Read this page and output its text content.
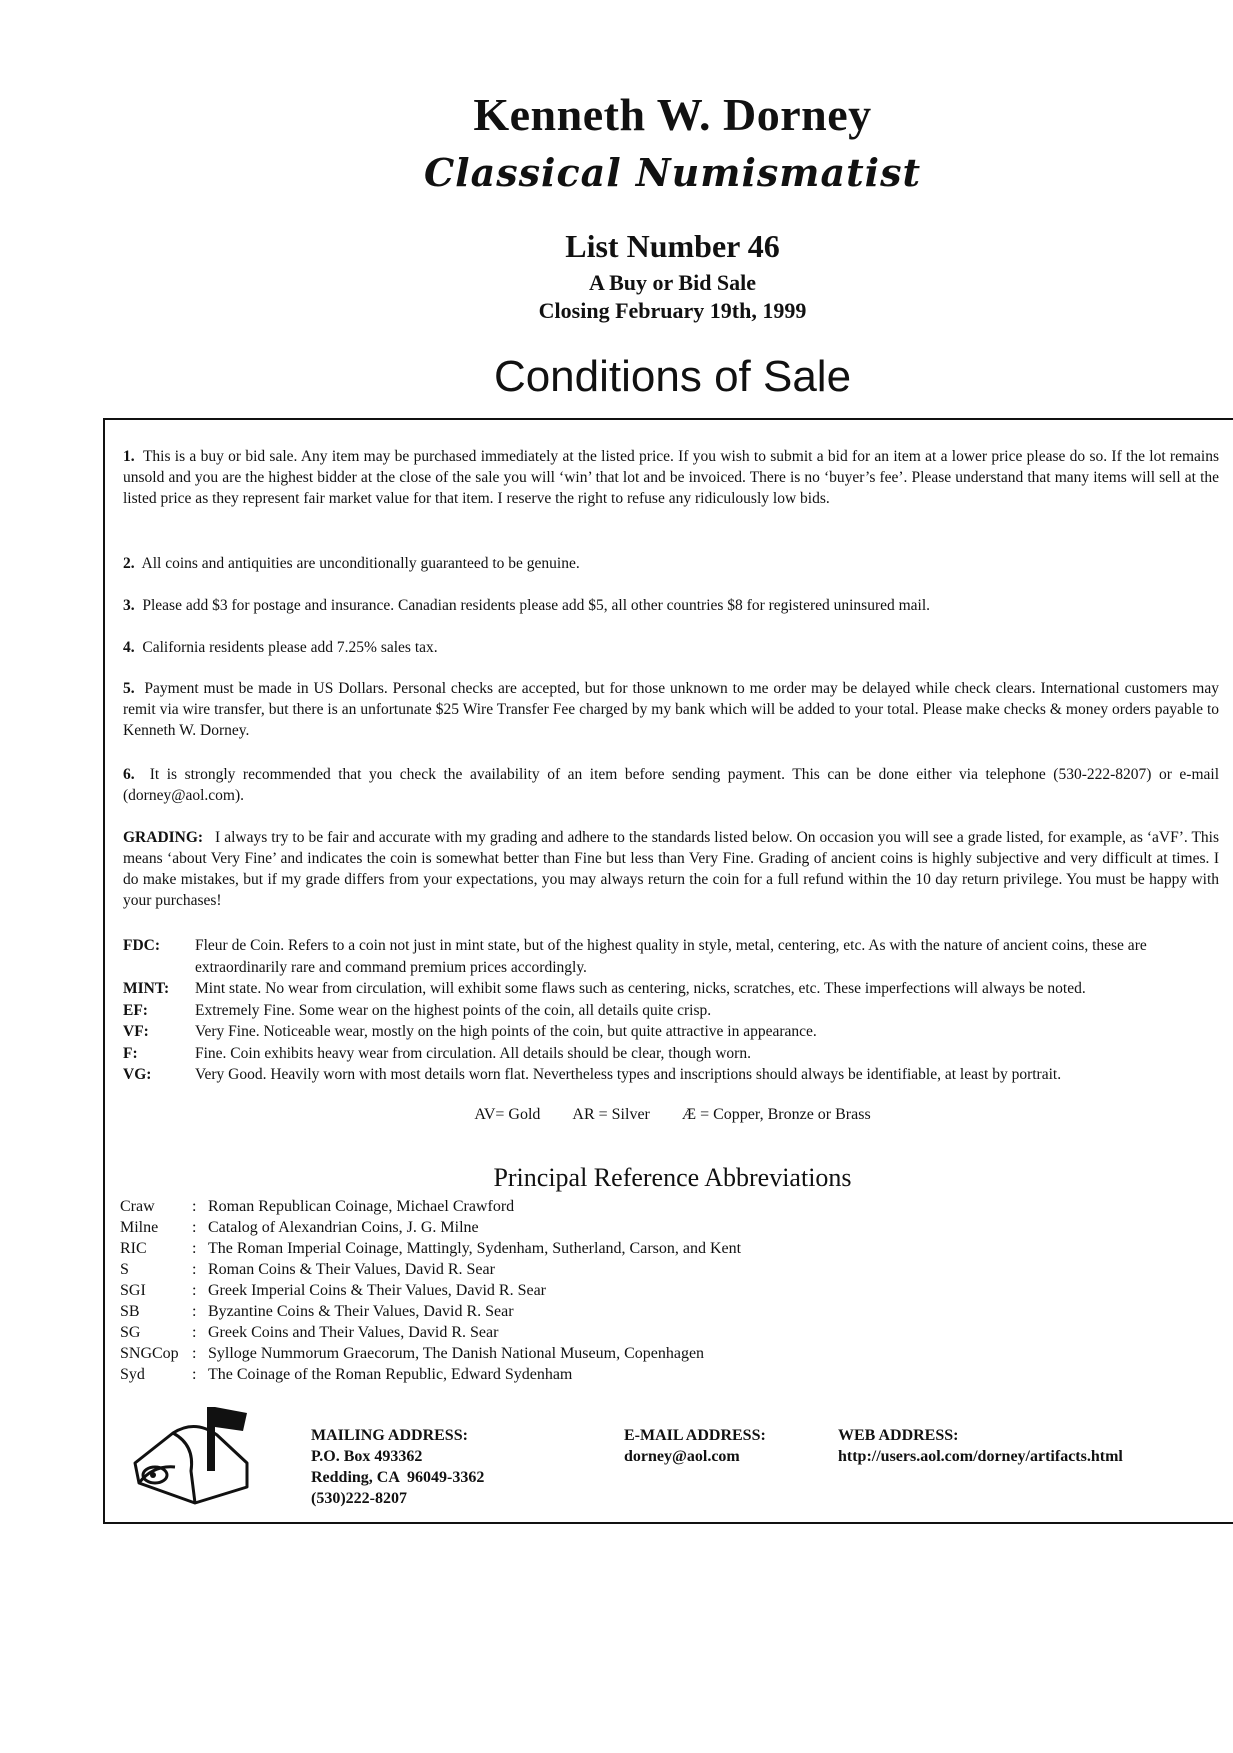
Kenneth W. Dorney
Classical Numismatist
List Number 46
A Buy or Bid Sale
Closing February 19th, 1999
Conditions of Sale
1. This is a buy or bid sale. Any item may be purchased immediately at the listed price. If you wish to submit a bid for an item at a lower price please do so. If the lot remains unsold and you are the highest bidder at the close of the sale you will ‘win’ that lot and be invoiced. There is no ‘buyer’s fee’. Please understand that many items will sell at the listed price as they represent fair market value for that item. I reserve the right to refuse any ridiculously low bids.
2. All coins and antiquities are unconditionally guaranteed to be genuine.
3. Please add $3 for postage and insurance. Canadian residents please add $5, all other countries $8 for registered uninsured mail.
4. California residents please add 7.25% sales tax.
5. Payment must be made in US Dollars. Personal checks are accepted, but for those unknown to me order may be delayed while check clears. International customers may remit via wire transfer, but there is an unfortunate $25 Wire Transfer Fee charged by my bank which will be added to your total. Please make checks & money orders payable to Kenneth W. Dorney.
6. It is strongly recommended that you check the availability of an item before sending payment. This can be done either via telephone (530-222-8207) or e-mail (dorney@aol.com).
GRADING: I always try to be fair and accurate with my grading and adhere to the standards listed below. On occasion you will see a grade listed, for example, as ‘aVF’. This means ‘about Very Fine’ and indicates the coin is somewhat better than Fine but less than Very Fine. Grading of ancient coins is highly subjective and very difficult at times. I do make mistakes, but if my grade differs from your expectations, you may always return the coin for a full refund within the 10 day return privilege. You must be happy with your purchases!
FDC:	Fleur de Coin. Refers to a coin not just in mint state, but of the highest quality in style, metal, centering, etc. As with the nature of ancient coins, these are extraordinarily rare and command premium prices accordingly.
MINT:	Mint state. No wear from circulation, will exhibit some flaws such as centering, nicks, scratches, etc. These imperfections will always be noted.
EF:	Extremely Fine. Some wear on the highest points of the coin, all details quite crisp.
VF:	Very Fine. Noticeable wear, mostly on the high points of the coin, but quite attractive in appearance.
F:	Fine. Coin exhibits heavy wear from circulation. All details should be clear, though worn.
VG:	Very Good. Heavily worn with most details worn flat. Nevertheless types and inscriptions should always be identifiable, at least by portrait.
AV= Gold AR = Silver Æ = Copper, Bronze or Brass
Principal Reference Abbreviations
Craw	: Roman Republican Coinage, Michael Crawford
Milne	: Catalog of Alexandrian Coins, J. G. Milne
RIC	: The Roman Imperial Coinage, Mattingly, Sydenham, Sutherland, Carson, and Kent
S	: Roman Coins & Their Values, David R. Sear
SGI	: Greek Imperial Coins & Their Values, David R. Sear
SB	: Byzantine Coins & Their Values, David R. Sear
SG	: Greek Coins and Their Values, David R. Sear
SNGCop : Sylloge Nummorum Graecorum, The Danish National Museum, Copenhagen
Syd	: The Coinage of the Roman Republic, Edward Sydenham
MAILING ADDRESS:
P.O. Box 493362
Redding, CA  96049-3362
(530)222-8207
E-MAIL ADDRESS:
dorney@aol.com
WEB ADDRESS:
http://users.aol.com/dorney/artifacts.html
